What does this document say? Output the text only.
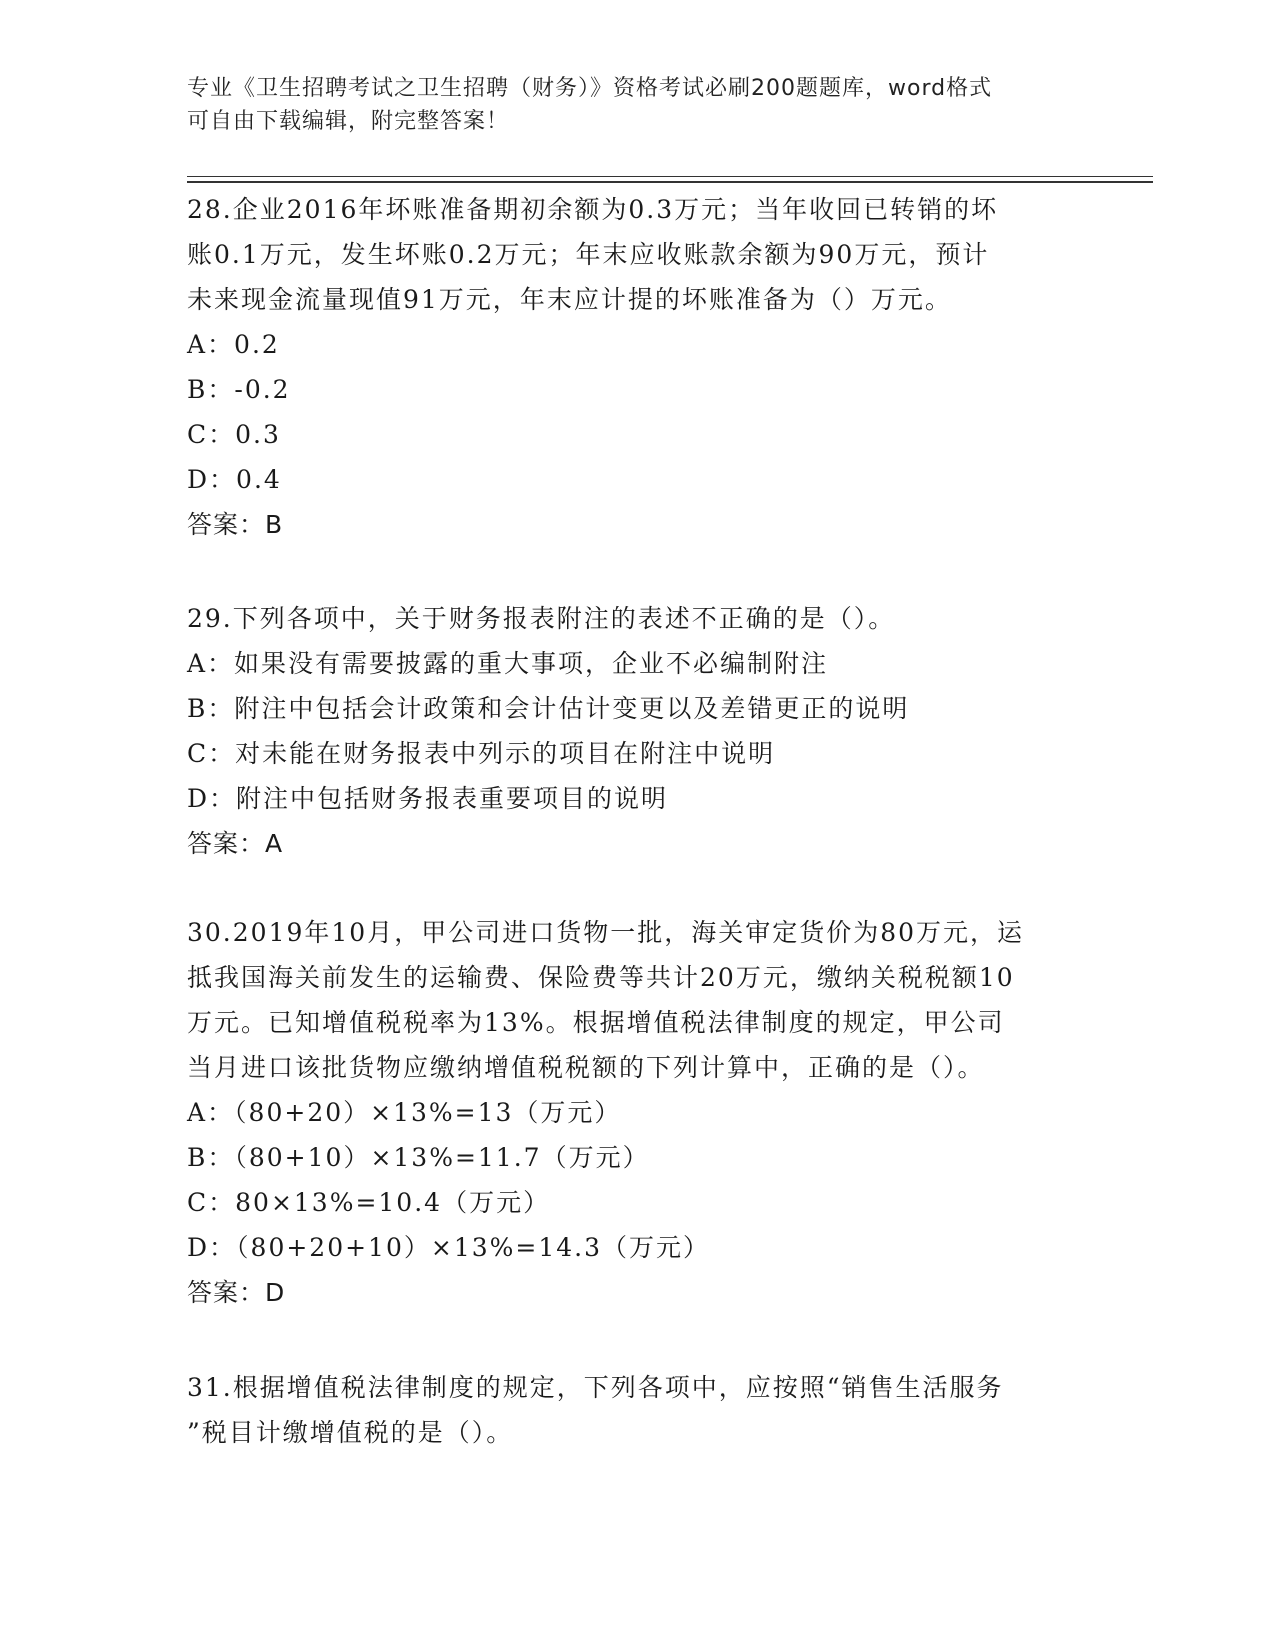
专业《卫生招聘考试之卫生招聘（财务）》资格考试必刷200题题库，word格式
可自由下载编辑，附完整答案！
28.企业2016年坏账准备期初余额为0.3万元；当年收回已转销的坏
账0.1万元，发生坏账0.2万元；年末应收账款余额为90万元，预计
未来现金流量现值91万元，年末应计提的坏账准备为（）万元。
A：0.2
B：-0.2
C：0.3
D：0.4
答案：B
29.下列各项中，关于财务报表附注的表述不正确的是（）。
A：如果没有需要披露的重大事项，企业不必编制附注
B：附注中包括会计政策和会计估计变更以及差错更正的说明
C：对未能在财务报表中列示的项目在附注中说明
D：附注中包括财务报表重要项目的说明
答案：A
30.2019年10月，甲公司进口货物一批，海关审定货价为80万元，运
抵我国海关前发生的运输费、保险费等共计20万元，缴纳关税税额10
万元。已知增值税税率为13%。根据增值税法律制度的规定，甲公司
当月进口该批货物应缴纳增值税税额的下列计算中，正确的是（）。
A：（80+20）×13%=13（万元）
B：（80+10）×13%=11.7（万元）
C：80×13%=10.4（万元）
D：（80+20+10）×13%=14.3（万元）
答案：D
31.根据增值税法律制度的规定，下列各项中，应按照“销售生活服务
”税目计缴增值税的是（）。
